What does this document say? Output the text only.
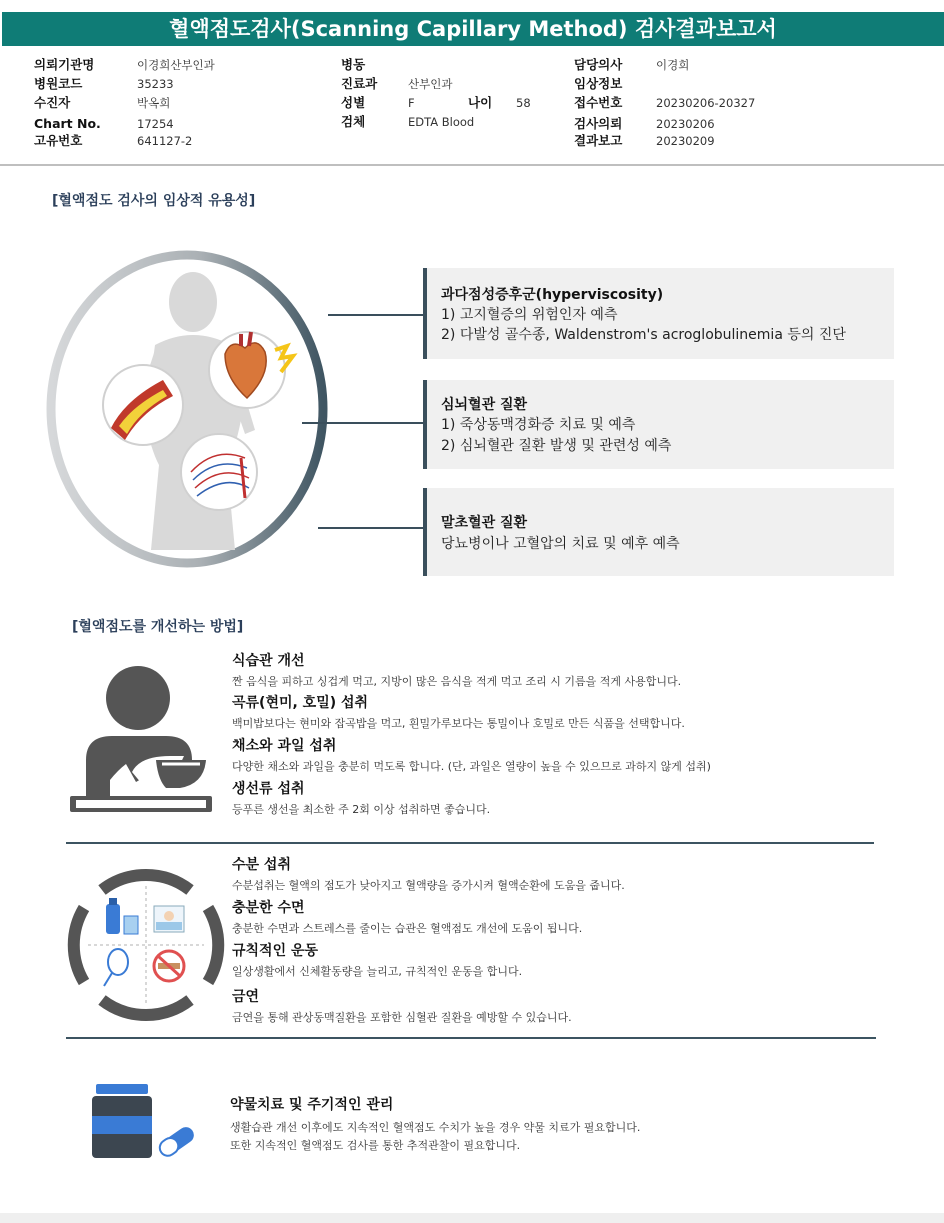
혈액점도검사(Scanning Capillary Method) 검사결과보고서
의뢰기관명	이경희산부인과
병원코드	35233
수진자	박옥희
Chart No.	17254
고유번호	641127-2
병동
진료과	산부인과
성별	F	나이 58
검체	EDTA Blood
담당의사	이경희
임상정보
접수번호	20230206-20327
검사의뢰	20230206
결과보고	20230209
[혈액점도 검사의 임상적 유용성]
과다점성증후군(hyperviscosity)
1) 고지혈증의 위험인자 예측
2) 다발성 골수종, Waldenstrom's acroglobulinemia 등의 진단
심뇌혈관 질환
1) 죽상동맥경화증 치료 및 예측
2) 심뇌혈관 질환 발생 및 관련성 예측
말초혈관 질환
당뇨병이나 고혈압의 치료 및 예후 예측
[혈액점도를 개선하는 방법]
식습관 개선
짠 음식을 피하고 싱겁게 먹고, 지방이 많은 음식을 적게 먹고 조리 시 기름을 적게 사용합니다.
곡류(현미, 호밀) 섭취
백미밥보다는 현미와 잡곡밥을 먹고, 흰밀가루보다는 통밀이나 호밀로 만든 식품을 선택합니다.
채소와 과일 섭취
다양한 채소와 과일을 충분히 먹도록 합니다. (단, 과일은 열량이 높을 수 있으므로 과하지 않게 섭취)
생선류 섭취
등푸른 생선을 최소한 주 2회 이상 섭취하면 좋습니다.
수분 섭취
수분섭취는 혈액의 점도가 낮아지고 혈액량을 증가시켜 혈액순환에 도움을 줍니다.
충분한 수면
충분한 수면과 스트레스를 줄이는 습관은 혈액점도 개선에 도움이 됩니다.
규칙적인 운동
일상생활에서 신체활동량을 늘리고, 규칙적인 운동을 합니다.
금연
금연을 통해 관상동맥질환을 포함한 심혈관 질환을 예방할 수 있습니다.
약물치료 및 주기적인 관리
생활습관 개선 이후에도 지속적인 혈액점도 수치가 높을 경우 약물 치료가 필요합니다.
또한 지속적인 혈액점도 검사를 통한 추적관찰이 필요합니다.
